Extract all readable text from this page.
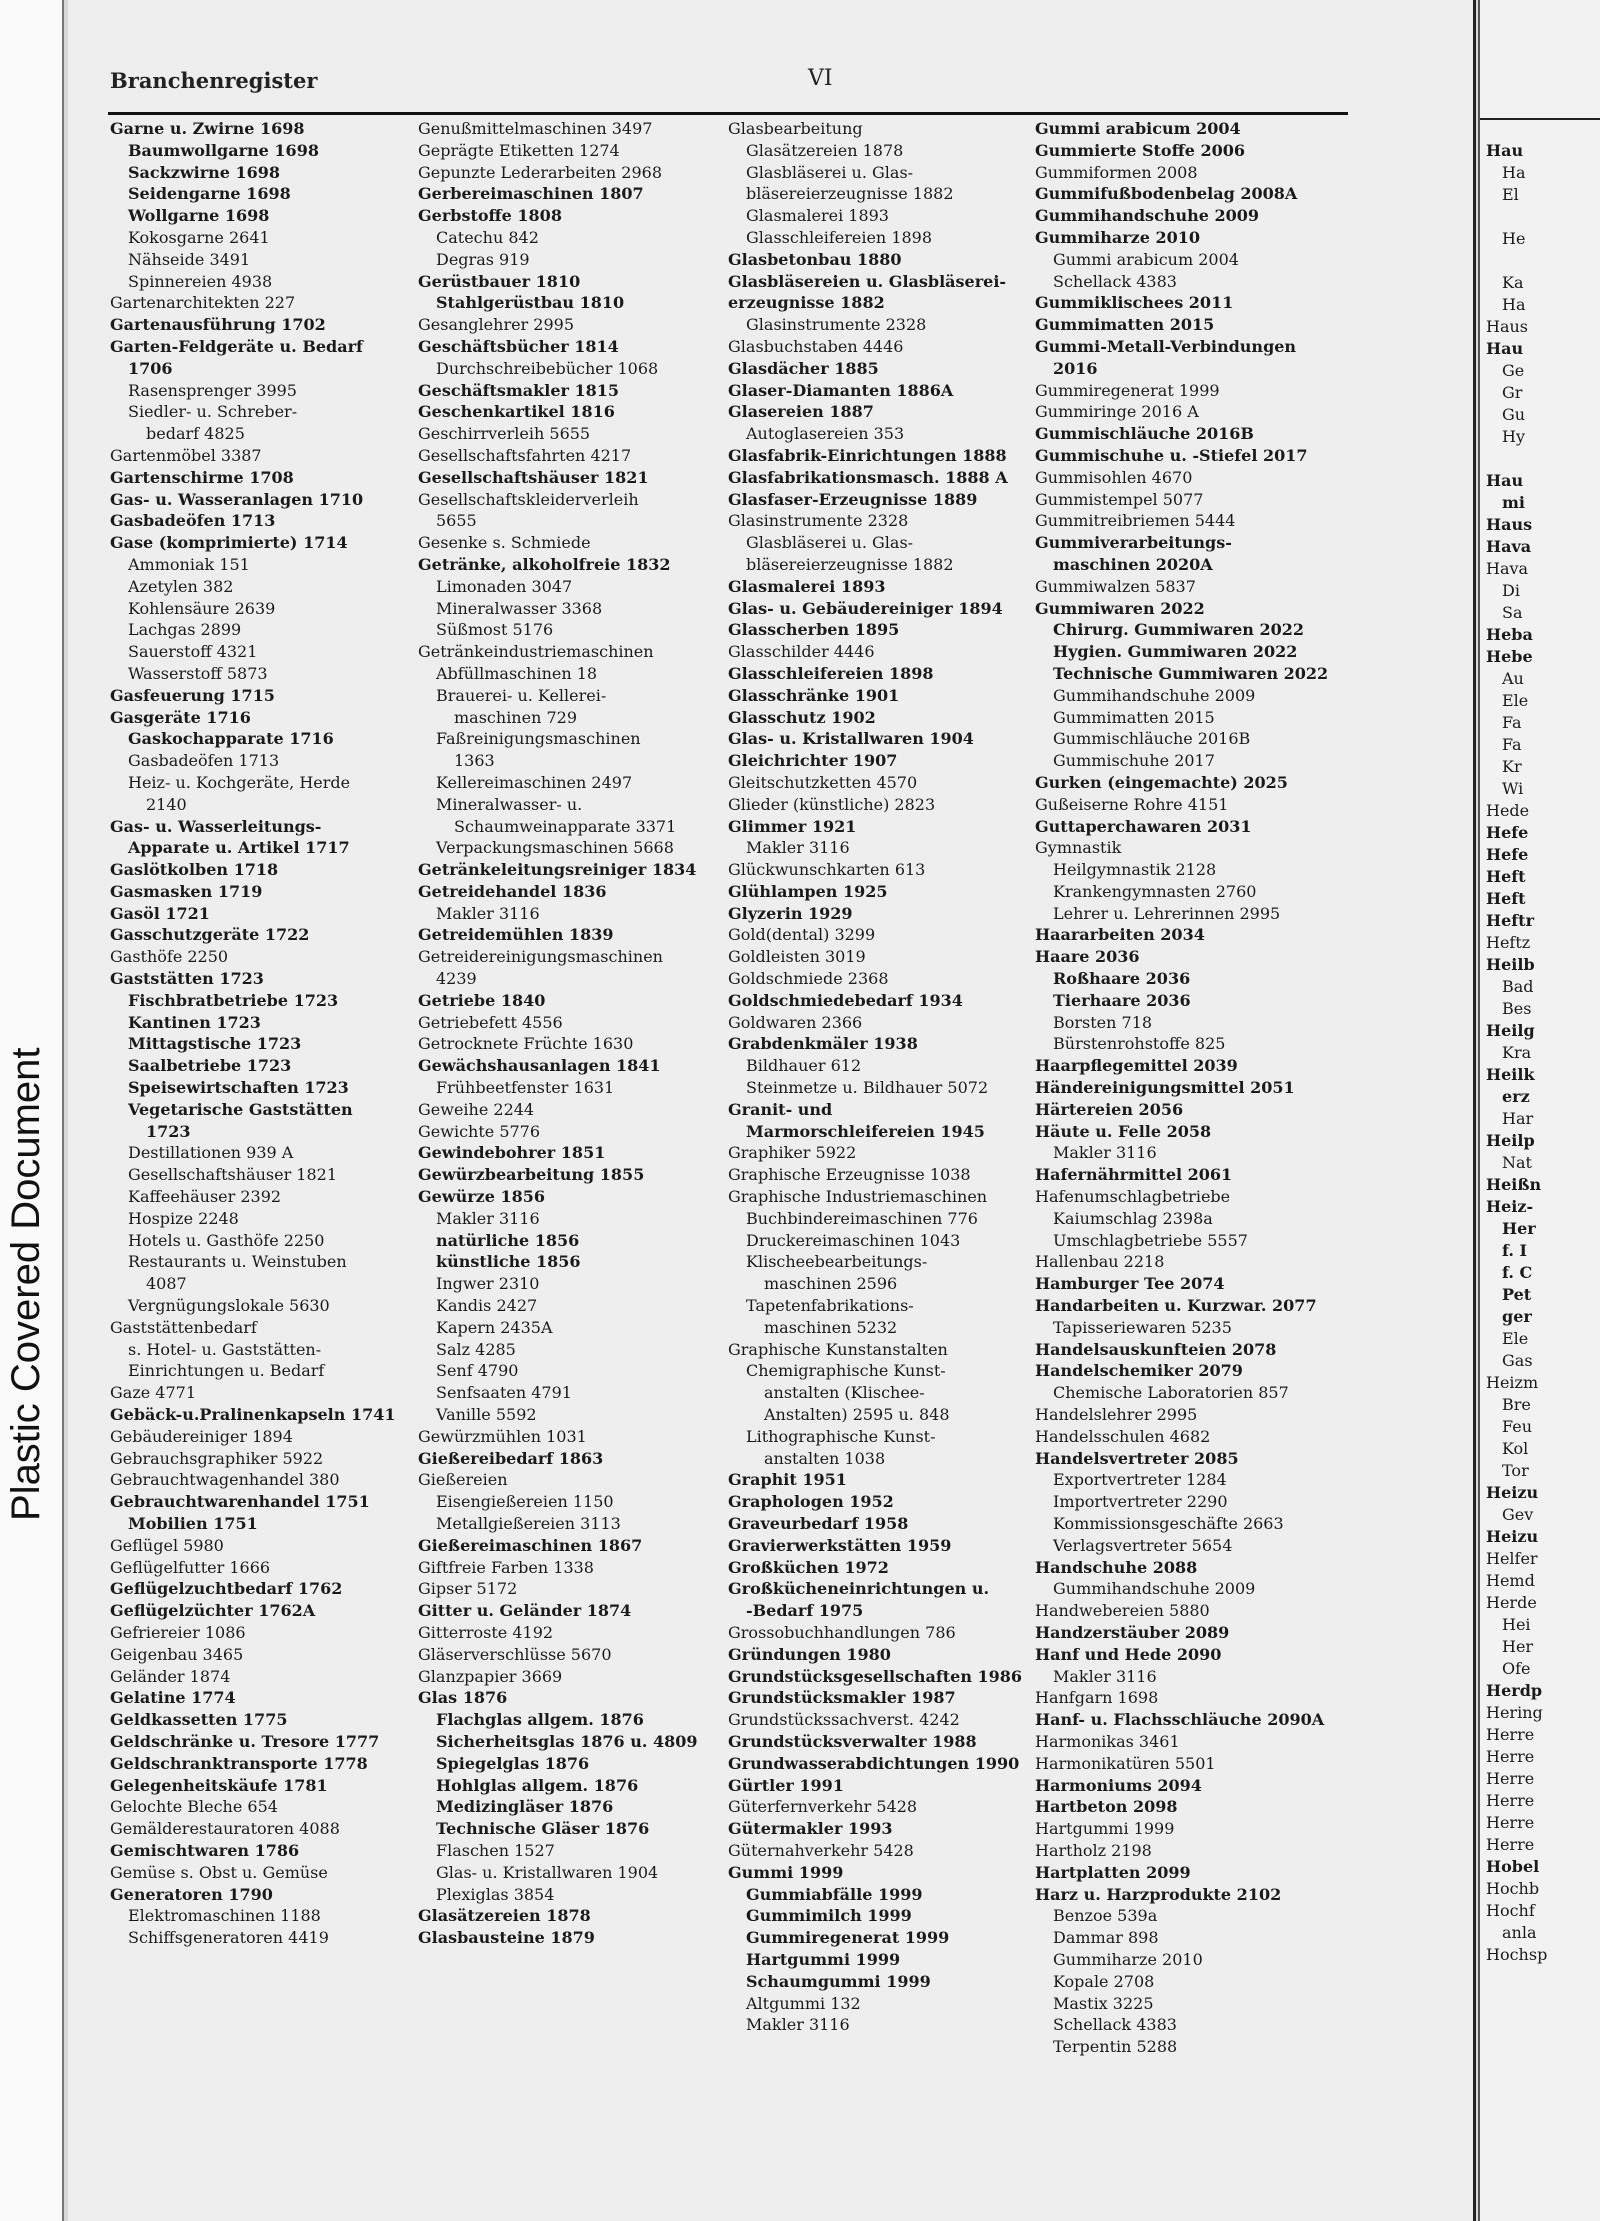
Plastic Covered Document
Branchenregister	VI
Garne u. Zwirne 1698
Baumwollgarne 1698
Sackzwirne 1698
Seidengarne 1698
Wollgarne 1698
Kokosgarne 2641
Nähseide 3491
Spinnereien 4938
Gartenarchitekten 227
Gartenausführung 1702
Garten-Feldgeräte u. Bedarf
1706
Rasensprenger 3995
Siedler- u. Schreber-
bedarf 4825
Gartenmöbel 3387
Gartenschirme 1708
Gas- u. Wasseranlagen 1710
Gasbadeöfen 1713
Gase (komprimierte) 1714
Ammoniak 151
Azetylen 382
Kohlensäure 2639
Lachgas 2899
Sauerstoff 4321
Wasserstoff 5873
Gasfeuerung 1715
Gasgeräte 1716
Gaskochapparate 1716
Gasbadeöfen 1713
Heiz- u. Kochgeräte, Herde
2140
Gas- u. Wasserleitungs-
Apparate u. Artikel 1717
Gaslötkolben 1718
Gasmasken 1719
Gasöl 1721
Gasschutzgeräte 1722
Gasthöfe 2250
Gaststätten 1723
Fischbratbetriebe 1723
Kantinen 1723
Mittagstische 1723
Saalbetriebe 1723
Speisewirtschaften 1723
Vegetarische Gaststätten
1723
Destillationen 939 A
Gesellschaftshäuser 1821
Kaffeehäuser 2392
Hospize 2248
Hotels u. Gasthöfe 2250
Restaurants u. Weinstuben
4087
Vergnügungslokale 5630
Gaststättenbedarf
s. Hotel- u. Gaststätten-
Einrichtungen u. Bedarf
Gaze 4771
Gebäck-u.Pralinenkapseln 1741
Gebäudereiniger 1894
Gebrauchsgraphiker 5922
Gebrauchtwagenhandel 380
Gebrauchtwarenhandel 1751
Mobilien 1751
Geflügel 5980
Geflügelfutter 1666
Geflügelzuchtbedarf 1762
Geflügelzüchter 1762A
Gefriereier 1086
Geigenbau 3465
Geländer 1874
Gelatine 1774
Geldkassetten 1775
Geldschränke u. Tresore 1777
Geldschranktransporte 1778
Gelegenheitskäufe 1781
Gelochte Bleche 654
Gemälderestauratoren 4088
Gemischtwaren 1786
Gemüse s. Obst u. Gemüse
Generatoren 1790
Elektromaschinen 1188
Schiffsgeneratoren 4419
Genußmittelmaschinen 3497
Geprägte Etiketten 1274
Gepunzte Lederarbeiten 2968
Gerbereimaschinen 1807
Gerbstoffe 1808
Catechu 842
Degras 919
Gerüstbauer 1810
Stahlgerüstbau 1810
Gesanglehrer 2995
Geschäftsbücher 1814
Durchschreibebücher 1068
Geschäftsmakler 1815
Geschenkartikel 1816
Geschirrverleih 5655
Gesellschaftsfahrten 4217
Gesellschaftshäuser 1821
Gesellschaftskleiderverleih
5655
Gesenke s. Schmiede
Getränke, alkoholfreie 1832
Limonaden 3047
Mineralwasser 3368
Süßmost 5176
Getränkeindustriemaschinen
Abfüllmaschinen 18
Brauerei- u. Kellerei-
maschinen 729
Faßreinigungsmaschinen
1363
Kellereimaschinen 2497
Mineralwasser- u.
Schaumweinapparate 3371
Verpackungsmaschinen 5668
Getränkeleitungsreiniger 1834
Getreidehandel 1836
Makler 3116
Getreidemühlen 1839
Getreidereinigungsmaschinen
4239
Getriebe 1840
Getriebefett 4556
Getrocknete Früchte 1630
Gewächshausanlagen 1841
Frühbeetfenster 1631
Geweihe 2244
Gewichte 5776
Gewindebohrer 1851
Gewürzbearbeitung 1855
Gewürze 1856
Makler 3116
natürliche 1856
künstliche 1856
Ingwer 2310
Kandis 2427
Kapern 2435A
Salz 4285
Senf 4790
Senfsaaten 4791
Vanille 5592
Gewürzmühlen 1031
Gießereibedarf 1863
Gießereien
Eisengießereien 1150
Metallgießereien 3113
Gießereimaschinen 1867
Giftfreie Farben 1338
Gipser 5172
Gitter u. Geländer 1874
Gitterroste 4192
Gläserverschlüsse 5670
Glanzpapier 3669
Glas 1876
Flachglas allgem. 1876
Sicherheitsglas 1876 u. 4809
Spiegelglas 1876
Hohlglas allgem. 1876
Medizingläser 1876
Technische Gläser 1876
Flaschen 1527
Glas- u. Kristallwaren 1904
Plexiglas 3854
Glasätzereien 1878
Glasbausteine 1879
Glasbearbeitung
Glasätzereien 1878
Glasbläserei u. Glas-
bläsereierzeugnisse 1882
Glasmalerei 1893
Glasschleifereien 1898
Glasbetonbau 1880
Glasbläsereien u. Glasbläserei-
erzeugnisse 1882
Glasinstrumente 2328
Glasbuchstaben 4446
Glasdächer 1885
Glaser-Diamanten 1886A
Glasereien 1887
Autoglasereien 353
Glasfabrik-Einrichtungen 1888
Glasfabrikationsmasch. 1888 A
Glasfaser-Erzeugnisse 1889
Glasinstrumente 2328
Glasbläserei u. Glas-
bläsereierzeugnisse 1882
Glasmalerei 1893
Glas- u. Gebäudereiniger 1894
Glasscherben 1895
Glasschilder 4446
Glasschleifereien 1898
Glasschränke 1901
Glasschutz 1902
Glas- u. Kristallwaren 1904
Gleichrichter 1907
Gleitschutzketten 4570
Glieder (künstliche) 2823
Glimmer 1921
Makler 3116
Glückwunschkarten 613
Glühlampen 1925
Glyzerin 1929
Gold(dental) 3299
Goldleisten 3019
Goldschmiede 2368
Goldschmiedebedarf 1934
Goldwaren 2366
Grabdenkmäler 1938
Bildhauer 612
Steinmetze u. Bildhauer 5072
Granit- und
Marmorschleifereien 1945
Graphiker 5922
Graphische Erzeugnisse 1038
Graphische Industriemaschinen
Buchbindereimaschinen 776
Druckereimaschinen 1043
Klischeebearbeitungs-
maschinen 2596
Tapetenfabrikations-
maschinen 5232
Graphische Kunstanstalten
Chemigraphische Kunst-
anstalten (Klischee-
Anstalten) 2595 u. 848
Lithographische Kunst-
anstalten 1038
Graphit 1951
Graphologen 1952
Graveurbedarf 1958
Gravierwerkstätten 1959
Großküchen 1972
Großkücheneinrichtungen u.
-Bedarf 1975
Grossobuchhandlungen 786
Gründungen 1980
Grundstücksgesellschaften 1986
Grundstücksmakler 1987
Grundstückssachverst. 4242
Grundstücksverwalter 1988
Grundwasserabdichtungen 1990
Gürtler 1991
Güterfernverkehr 5428
Gütermakler 1993
Güternahverkehr 5428
Gummi 1999
Gummiabfälle 1999
Gummimilch 1999
Gummiregenerat 1999
Hartgummi 1999
Schaumgummi 1999
Altgummi 132
Makler 3116
Gummi arabicum 2004
Gummierte Stoffe 2006
Gummiformen 2008
Gummifußbodenbelag 2008A
Gummihandschuhe 2009
Gummiharze 2010
Gummi arabicum 2004
Schellack 4383
Gummiklischees 2011
Gummimatten 2015
Gummi-Metall-Verbindungen
2016
Gummiregenerat 1999
Gummiringe 2016 A
Gummischläuche 2016B
Gummischuhe u. -Stiefel 2017
Gummisohlen 4670
Gummistempel 5077
Gummitreibriemen 5444
Gummiverarbeitungs-
maschinen 2020A
Gummiwalzen 5837
Gummiwaren 2022
Chirurg. Gummiwaren 2022
Hygien. Gummiwaren 2022
Technische Gummiwaren 2022
Gummihandschuhe 2009
Gummimatten 2015
Gummischläuche 2016B
Gummischuhe 2017
Gurken (eingemachte) 2025
Gußeiserne Rohre 4151
Guttaperchawaren 2031
Gymnastik
Heilgymnastik 2128
Krankengymnasten 2760
Lehrer u. Lehrerinnen 2995
Haararbeiten 2034
Haare 2036
Roßhaare 2036
Tierhaare 2036
Borsten 718
Bürstenrohstoffe 825
Haarpflegemittel 2039
Händereinigungsmittel 2051
Härtereien 2056
Häute u. Felle 2058
Makler 3116
Hafernährmittel 2061
Hafenumschlagbetriebe
Kaiumschlag 2398a
Umschlagbetriebe 5557
Hallenbau 2218
Hamburger Tee 2074
Handarbeiten u. Kurzwar. 2077
Tapisseriewaren 5235
Handelsauskunfteien 2078
Handelschemiker 2079
Chemische Laboratorien 857
Handelslehrer 2995
Handelsschulen 4682
Handelsvertreter 2085
Exportvertreter 1284
Importvertreter 2290
Kommissionsgeschäfte 2663
Verlagsvertreter 5654
Handschuhe 2088
Gummihandschuhe 2009
Handwebereien 5880
Handzerstäuber 2089
Hanf und Hede 2090
Makler 3116
Hanfgarn 1698
Hanf- u. Flachsschläuche 2090A
Harmonikas 3461
Harmonikatüren 5501
Harmoniums 2094
Hartbeton 2098
Hartgummi 1999
Hartholz 2198
Hartplatten 2099
Harz u. Harzprodukte 2102
Benzoe 539a
Dammar 898
Gummiharze 2010
Kopale 2708
Mastix 3225
Schellack 4383
Terpentin 5288
Hau
Ha
El
He
Ka
Ha
Haus
Hau
Ge
Gr
Gu
Hy
Hau
mi
Haus
Hava
Hava
Di
Sa
Heba
Hebe
Au
Ele
Fa
Fa
Kr
Wi
Hede
Hefe
Hefe
Heft
Heft
Heftr
Heftz
Heilb
Bad
Bes
Heilg
Kra
Heilk
erz
Har
Heilp
Nat
Heißn
Heiz-
Her
f. I
f. C
Pet
ger
Ele
Gas
Heizm
Bre
Feu
Kol
Tor
Heizu
Gev
Heizu
Helfer
Hemd
Herde
Hei
Her
Ofe
Herdp
Hering
Herre
Herre
Herre
Herre
Herre
Herre
Hobel
Hochb
Hochf
anla
Hochsp
